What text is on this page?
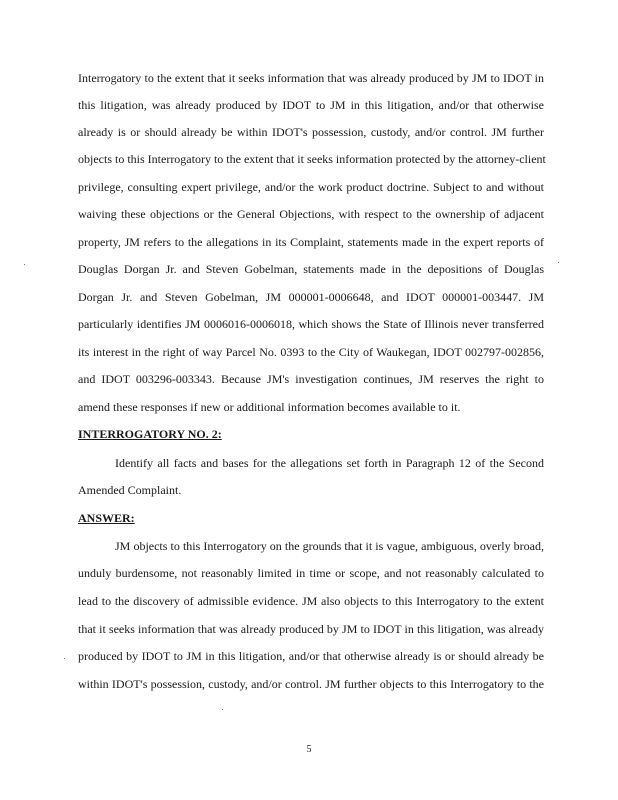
Interrogatory to the extent that it seeks information that was already produced by JM to IDOT in
this litigation, was already produced by IDOT to JM in this litigation, and/or that otherwise
already is or should already be within IDOT's possession, custody, and/or control. JM further
objects to this Interrogatory to the extent that it seeks information protected by the attorney-client
privilege, consulting expert privilege, and/or the work product doctrine. Subject to and without
waiving these objections or the General Objections, with respect to the ownership of adjacent
property, JM refers to the allegations in its Complaint, statements made in the expert reports of
Douglas Dorgan Jr. and Steven Gobelman, statements made in the depositions of Douglas
Dorgan Jr. and Steven Gobelman, JM 000001-0006648, and IDOT 000001-003447. JM
particularly identifies JM 0006016-0006018, which shows the State of Illinois never transferred
its interest in the right of way Parcel No. 0393 to the City of Waukegan, IDOT 002797-002856,
and IDOT 003296-003343. Because JM's investigation continues, JM reserves the right to
amend these responses if new or additional information becomes available to it.
INTERROGATORY NO. 2:
Identify all facts and bases for the allegations set forth in Paragraph 12 of the Second
Amended Complaint.
ANSWER:
JM objects to this Interrogatory on the grounds that it is vague, ambiguous, overly broad,
unduly burdensome, not reasonably limited in time or scope, and not reasonably calculated to
lead to the discovery of admissible evidence. JM also objects to this Interrogatory to the extent
that it seeks information that was already produced by JM to IDOT in this litigation, was already
produced by IDOT to JM in this litigation, and/or that otherwise already is or should already be
within IDOT's possession, custody, and/or control. JM further objects to this Interrogatory to the
5
